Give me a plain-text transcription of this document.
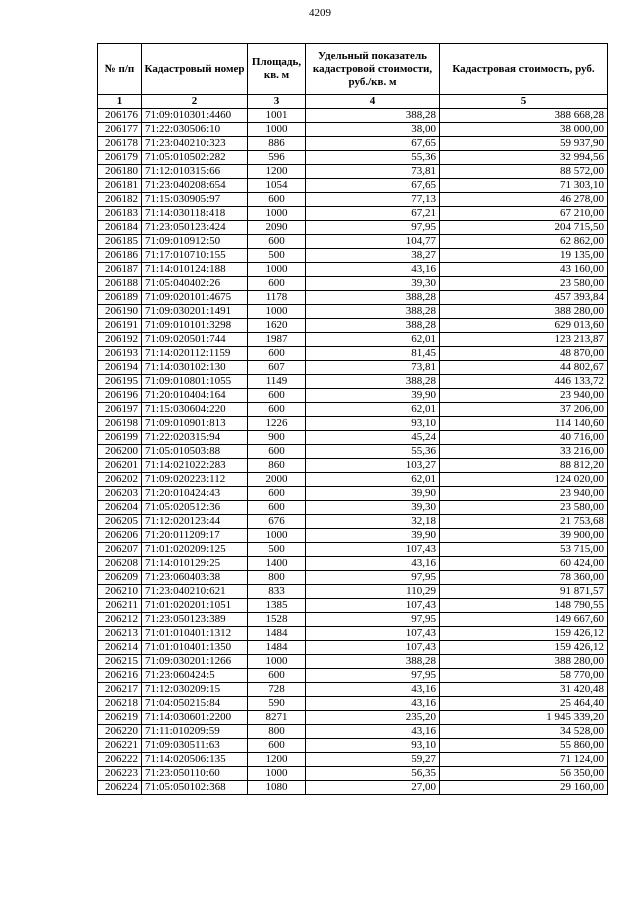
4209
№ п/п	Кадастровый номер	Площадь, кв. м	Удельный показатель кадастровой стоимости, руб./кв. м	Кадастровая стоимость, руб.
1	2	3	4	5
206176	71:09:010301:4460	1001	388,28	388 668,28
206177	71:22:030506:10	1000	38,00	38 000,00
206178	71:23:040210:323	886	67,65	59 937,90
206179	71:05:010502:282	596	55,36	32 994,56
206180	71:12:010315:66	1200	73,81	88 572,00
206181	71:23:040208:654	1054	67,65	71 303,10
206182	71:15:030905:97	600	77,13	46 278,00
206183	71:14:030118:418	1000	67,21	67 210,00
206184	71:23:050123:424	2090	97,95	204 715,50
206185	71:09:010912:50	600	104,77	62 862,00
206186	71:17:010710:155	500	38,27	19 135,00
206187	71:14:010124:188	1000	43,16	43 160,00
206188	71:05:040402:26	600	39,30	23 580,00
206189	71:09:020101:4675	1178	388,28	457 393,84
206190	71:09:030201:1491	1000	388,28	388 280,00
206191	71:09:010101:3298	1620	388,28	629 013,60
206192	71:09:020501:744	1987	62,01	123 213,87
206193	71:14:020112:1159	600	81,45	48 870,00
206194	71:14:030102:130	607	73,81	44 802,67
206195	71:09:010801:1055	1149	388,28	446 133,72
206196	71:20:010404:164	600	39,90	23 940,00
206197	71:15:030604:220	600	62,01	37 206,00
206198	71:09:010901:813	1226	93,10	114 140,60
206199	71:22:020315:94	900	45,24	40 716,00
206200	71:05:010503:88	600	55,36	33 216,00
206201	71:14:021022:283	860	103,27	88 812,20
206202	71:09:020223:112	2000	62,01	124 020,00
206203	71:20:010424:43	600	39,90	23 940,00
206204	71:05:020512:36	600	39,30	23 580,00
206205	71:12:020123:44	676	32,18	21 753,68
206206	71:20:011209:17	1000	39,90	39 900,00
206207	71:01:020209:125	500	107,43	53 715,00
206208	71:14:010129:25	1400	43,16	60 424,00
206209	71:23:060403:38	800	97,95	78 360,00
206210	71:23:040210:621	833	110,29	91 871,57
206211	71:01:020201:1051	1385	107,43	148 790,55
206212	71:23:050123:389	1528	97,95	149 667,60
206213	71:01:010401:1312	1484	107,43	159 426,12
206214	71:01:010401:1350	1484	107,43	159 426,12
206215	71:09:030201:1266	1000	388,28	388 280,00
206216	71:23:060424:5	600	97,95	58 770,00
206217	71:12:030209:15	728	43,16	31 420,48
206218	71:04:050215:84	590	43,16	25 464,40
206219	71:14:030601:2200	8271	235,20	1 945 339,20
206220	71:11:010209:59	800	43,16	34 528,00
206221	71:09:030511:63	600	93,10	55 860,00
206222	71:14:020506:135	1200	59,27	71 124,00
206223	71:23:050110:60	1000	56,35	56 350,00
206224	71:05:050102:368	1080	27,00	29 160,00
